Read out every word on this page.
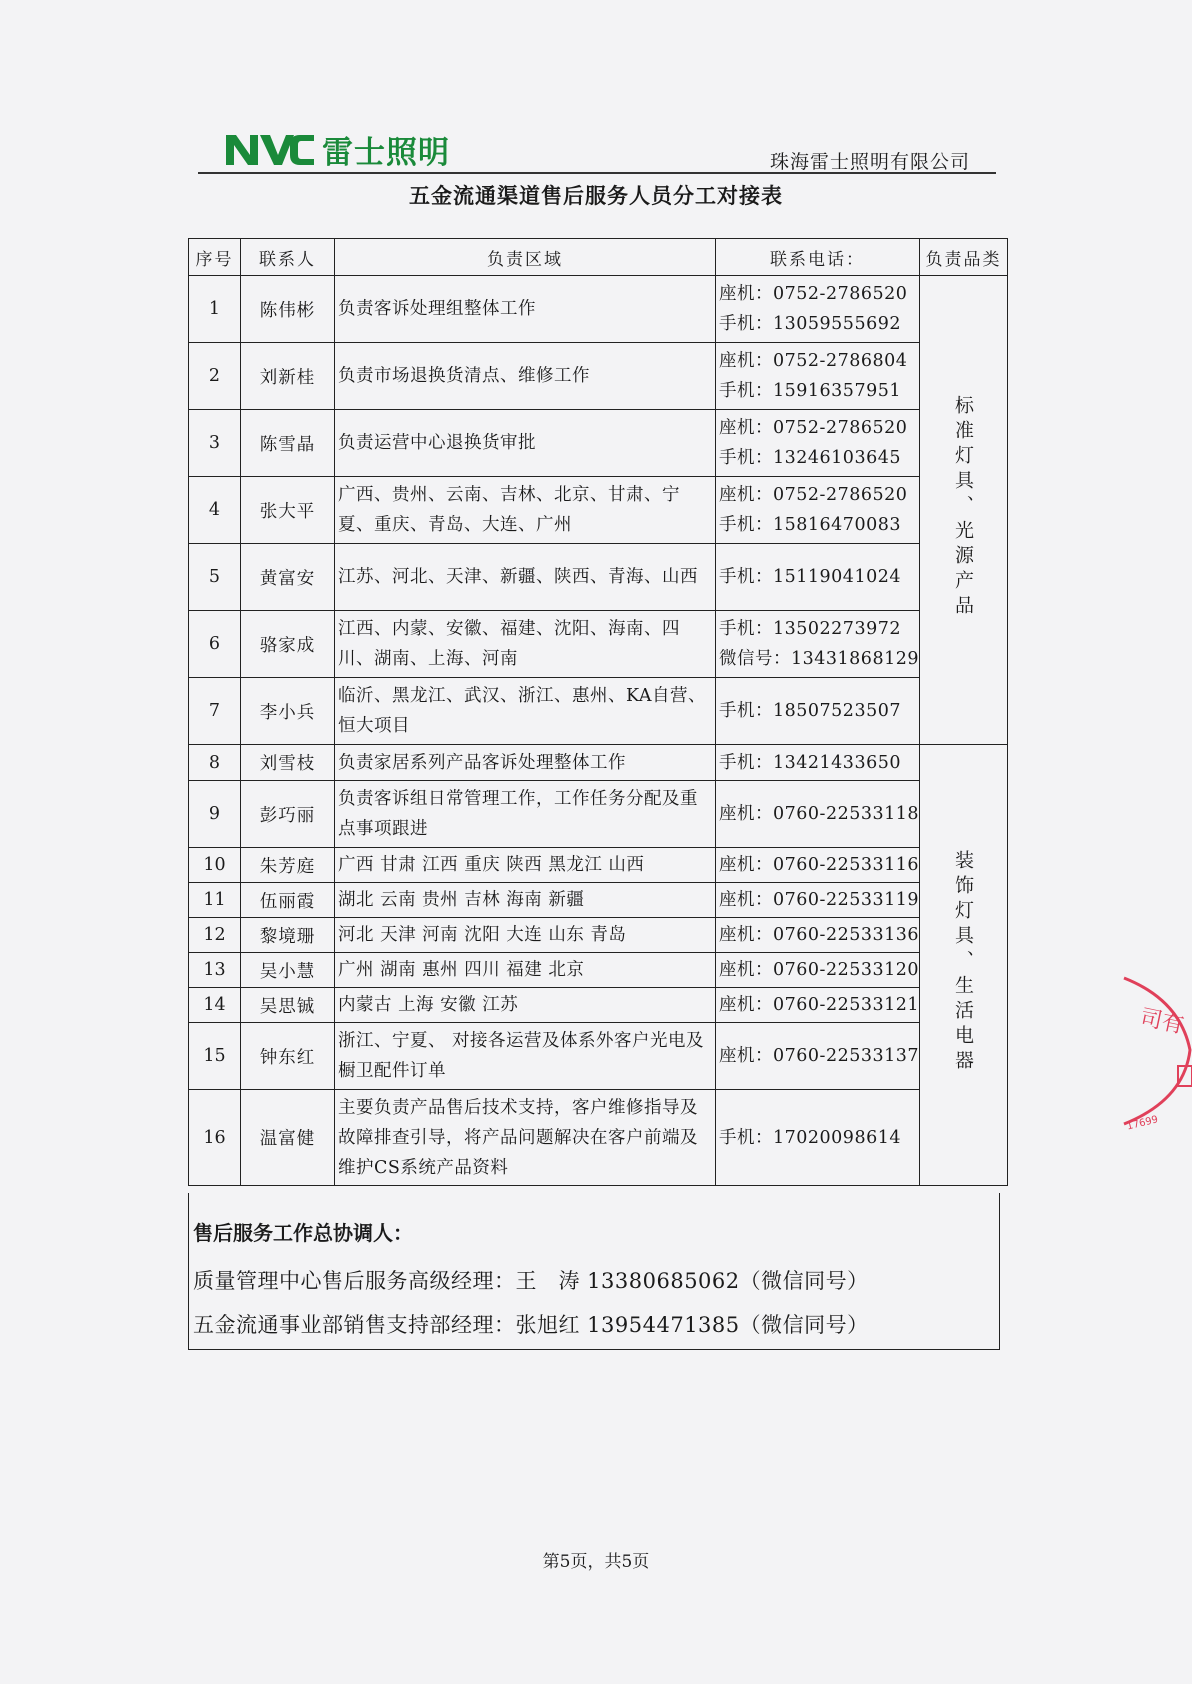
雷士照明	珠海雷士照明有限公司
五金流通渠道售后服务人员分工对接表
序号	联系人	负责区域	联系电话：	负责品类
1	陈伟彬	负责客诉处理组整体工作	座机：0752-2786520
手机：13059555692	标准灯具、光源产品
2	刘新桂	负责市场退换货清点、维修工作	座机：0752-2786804
手机：15916357951	

3	陈雪晶	负责运营中心退换货审批	座机：0752-2786520
手机：13246103645	

4	张大平	广西、贵州、云南、吉林、北京、甘肃、宁夏、重庆、青岛、大连、广州	座机：0752-2786520
手机：15816470083	

5	黄富安	江苏、河北、天津、新疆、陕西、青海、山西	手机：15119041024	

6	骆家成	江西、内蒙、安徽、福建、沈阳、海南、四川、湖南、上海、河南	手机：13502273972
微信号：13431868129	

7	李小兵	临沂、黑龙江、武汉、浙江、惠州、KA自营、恒大项目	手机：18507523507	

8	刘雪枝	负责家居系列产品客诉处理整体工作	手机：13421433650	装饰灯具、生活电器
9	彭巧丽	负责客诉组日常管理工作，工作任务分配及重点事项跟进	座机：0760-22533118	

10	朱芳庭	广西 甘肃 江西 重庆 陕西 黑龙江 山西	座机：0760-22533116	

11	伍丽霞	湖北 云南 贵州 吉林 海南 新疆	座机：0760-22533119	

12	黎境珊	河北 天津 河南 沈阳 大连 山东 青岛	座机：0760-22533136	

13	吴小慧	广州 湖南 惠州 四川 福建 北京	座机：0760-22533120	

14	吴思铖	内蒙古 上海 安徽 江苏	座机：0760-22533121	

15	钟东红	浙江、宁夏、 对接各运营及体系外客户光电及橱卫配件订单	座机：0760-22533137	

16	温富健	主要负责产品售后技术支持，客户维修指导及故障排查引导，将产品问题解决在客户前端及维护CS系统产品资料	手机：17020098614	
售后服务工作总协调人：
质量管理中心售后服务高级经理：王　涛 13380685062（微信同号）
五金流通事业部销售支持部经理：张旭红 13954471385（微信同号）
第5页，共5页
司有
17699
